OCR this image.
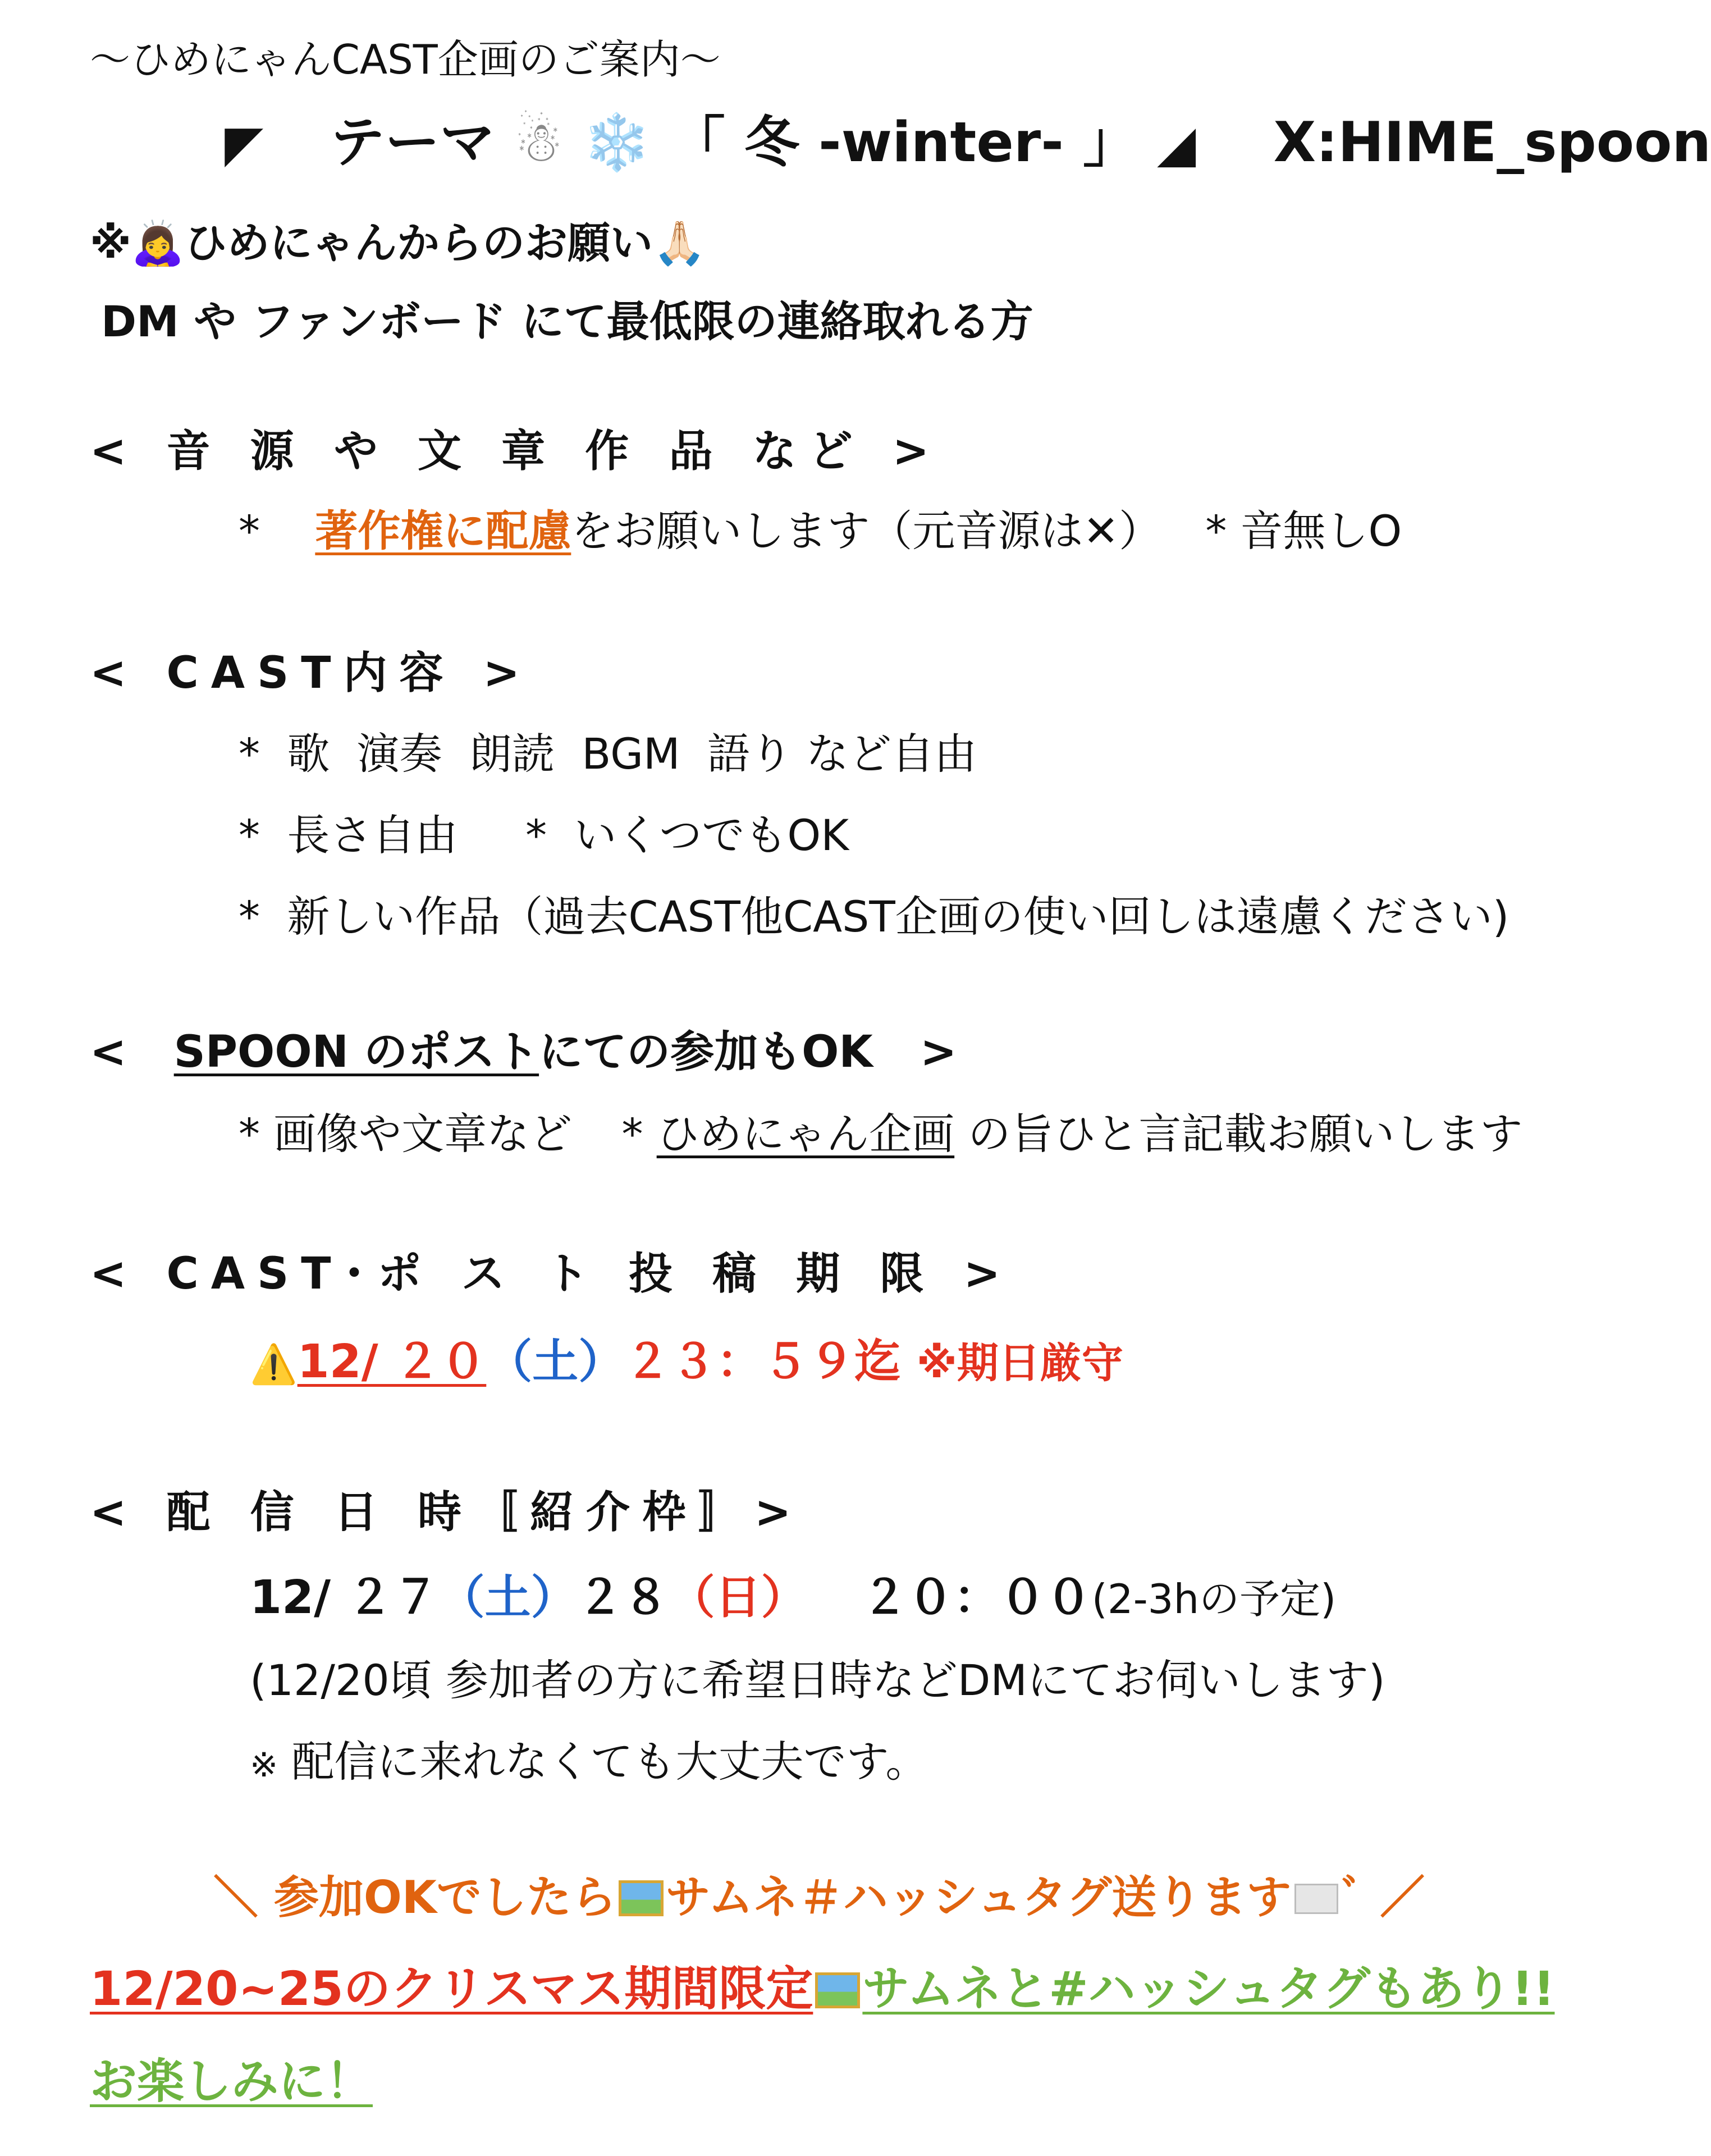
〜ひめにゃんCAST企画のご案内〜
◤ テーマ ☃ ❄️ 「 冬 -winter- 」 ◢ X:HIME_spoon
※🙇‍♀️ひめにゃんからのお願い🙏🏻
DM や ファンボード にて最低限の連絡取れる方
< 音 源 や 文 章 作 品 など >
* 著作権に配慮をお願いします（元音源は✕） * 音無しO
< CAST内容 >
*  歌  演奏  朗読  BGM  語り など自由
*  長さ自由     *  いくつでもOK
*  新しい作品（過去CAST他CAST企画の使い回しは遠慮ください)
< SPOON のポストにての参加もOK >
* 画像や文章など * ひめにゃん企画 の旨ひと言記載お願いします
< CAST･ポ ス ト 投 稿 期 限 >
⚠️12/ ２０（土）２３：５９迄 ※期日厳守
< 配 信 日 時〚紹介枠〛>
12/ ２７（土）２８（日） ２０：００(2-3hの予定)
(12/20頃 参加者の方に希望日時などDMにてお伺いします)
※ 配信に来れなくても大丈夫です。
＼ 参加OKでしたら サムネ＃ハッシュタグ送ります ﾞ ／
12/20~25のクリスマス期間限定 サムネと#ハッシュタグもあり!!
お楽しみに！
